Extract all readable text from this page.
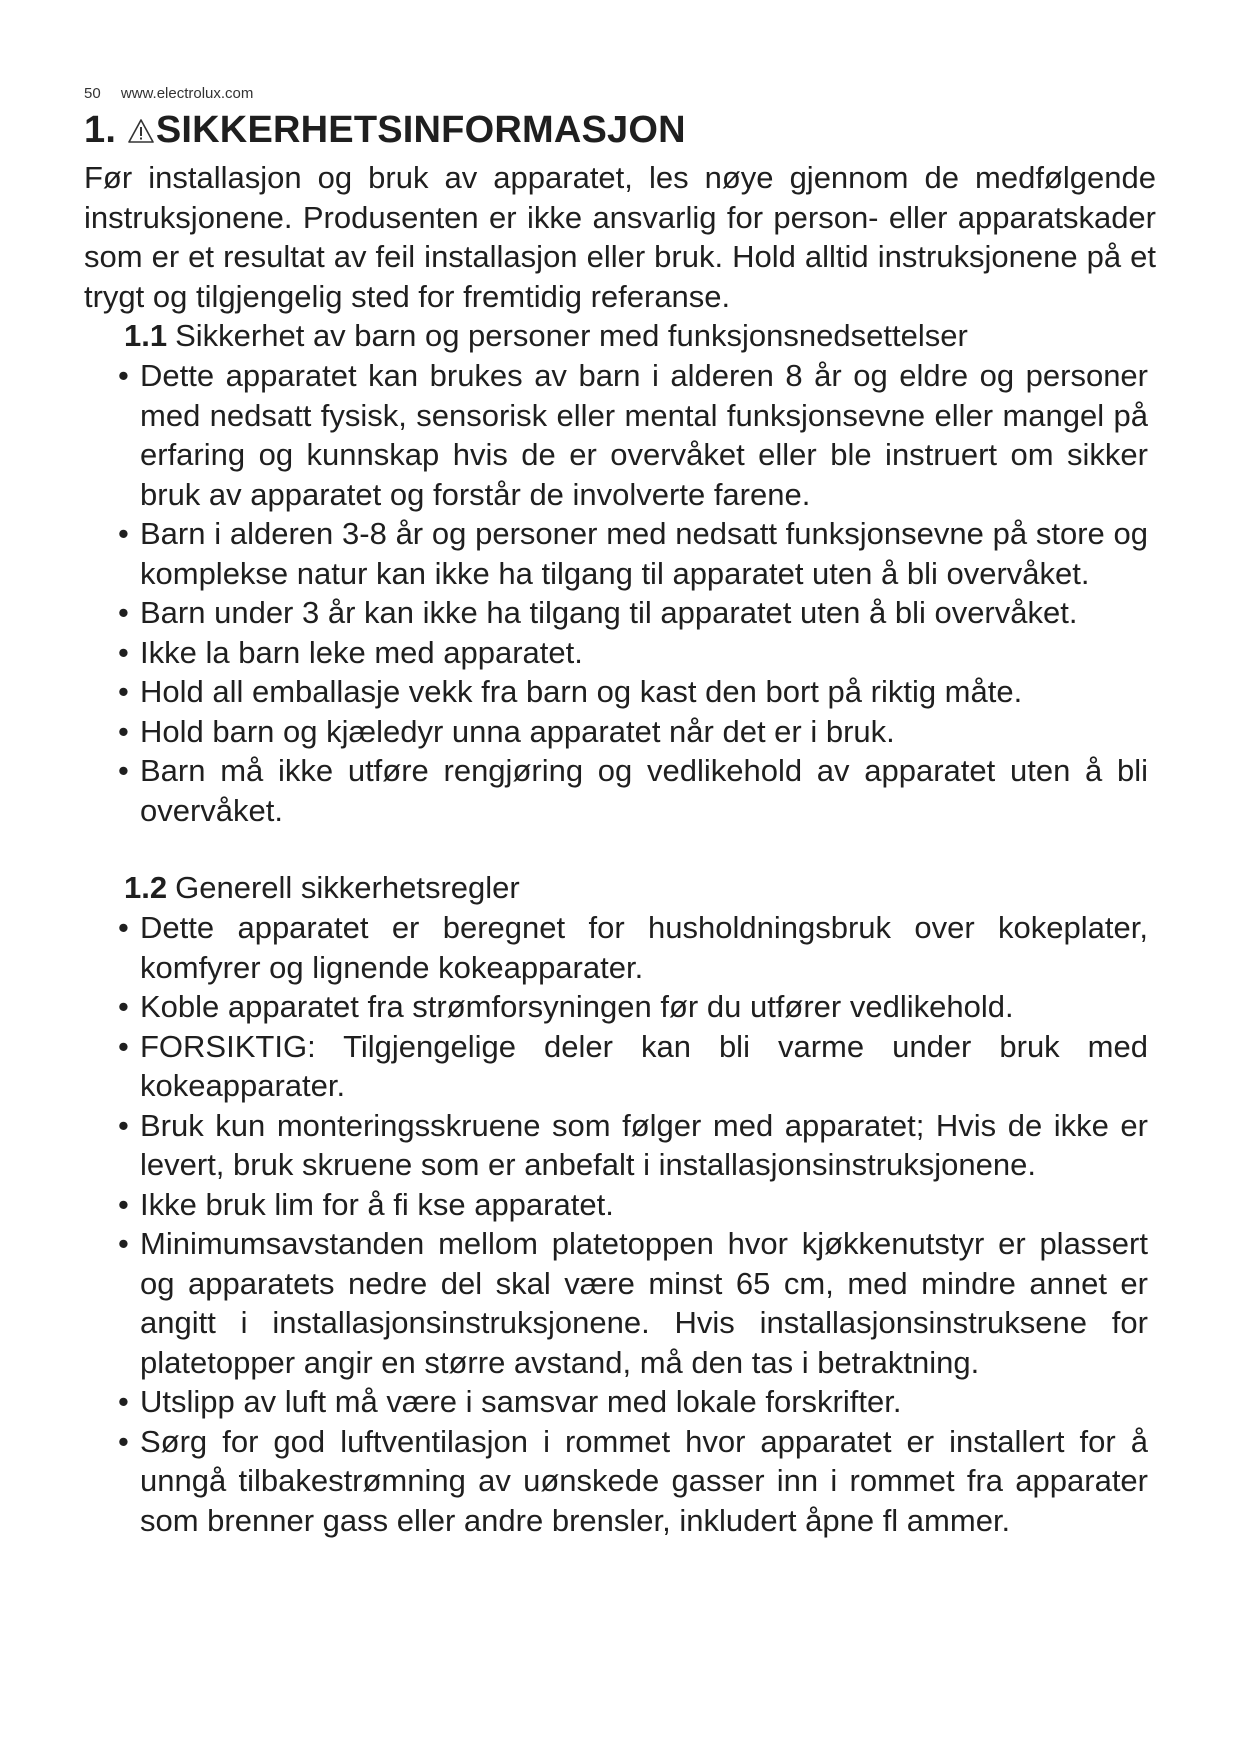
50 www.electrolux.com
1. SIKKERHETSINFORMASJON

Før installasjon og bruk av apparatet, les nøye gjennom de medfølgende instruksjonene. Produsenten er ikke ansvarlig for person- eller apparatskader som er et resultat av feil installasjon eller bruk. Hold alltid instruksjonene på et trygt og tilgjengelig sted for fremtidig referanse.

1.1 Sikkerhet av barn og personer med funksjonsnedsettelser
• Dette apparatet kan brukes av barn i alderen 8 år og eldre og personer med nedsatt fysisk, sensorisk eller mental funksjonsevne eller mangel på erfaring og kunnskap hvis de er overvåket eller ble instruert om sikker bruk av apparatet og forstår de involverte farene.
• Barn i alderen 3-8 år og personer med nedsatt funksjonsevne på store og komplekse natur kan ikke ha tilgang til apparatet uten å bli overvåket.
• Barn under 3 år kan ikke ha tilgang til apparatet uten å bli overvåket.
• Ikke la barn leke med apparatet.
• Hold all emballasje vekk fra barn og kast den bort på riktig måte.
• Hold barn og kjæledyr unna apparatet når det er i bruk.
• Barn må ikke utføre rengjøring og vedlikehold av apparatet uten å bli overvåket.
1.2 Generell sikkerhetsregler
• Dette apparatet er beregnet for husholdningsbruk over kokeplater, komfyrer og lignende kokeapparater.
• Koble apparatet fra strømforsyningen før du utfører vedlikehold.
• FORSIKTIG: Tilgjengelige deler kan bli varme under bruk med kokeapparater.
• Bruk kun monteringsskruene som følger med apparatet; Hvis de ikke er levert, bruk skruene som er anbefalt i installasjonsinstruksjonene.
• Ikke bruk lim for å fi kse apparatet.
• Minimumsavstanden mellom platetoppen hvor kjøkkenutstyr er plassert og apparatets nedre del skal være minst 65 cm, med mindre annet er angitt i installasjonsinstruksjonene. Hvis installasjonsinstruksene for platetopper angir en større avstand, må den tas i betraktning.
• Utslipp av luft må være i samsvar med lokale forskrifter.
• Sørg for god luftventilasjon i rommet hvor apparatet er installert for å unngå tilbakestrømning av uønskede gasser inn i rommet fra apparater som brenner gass eller andre brensler, inkludert åpne fl ammer.
